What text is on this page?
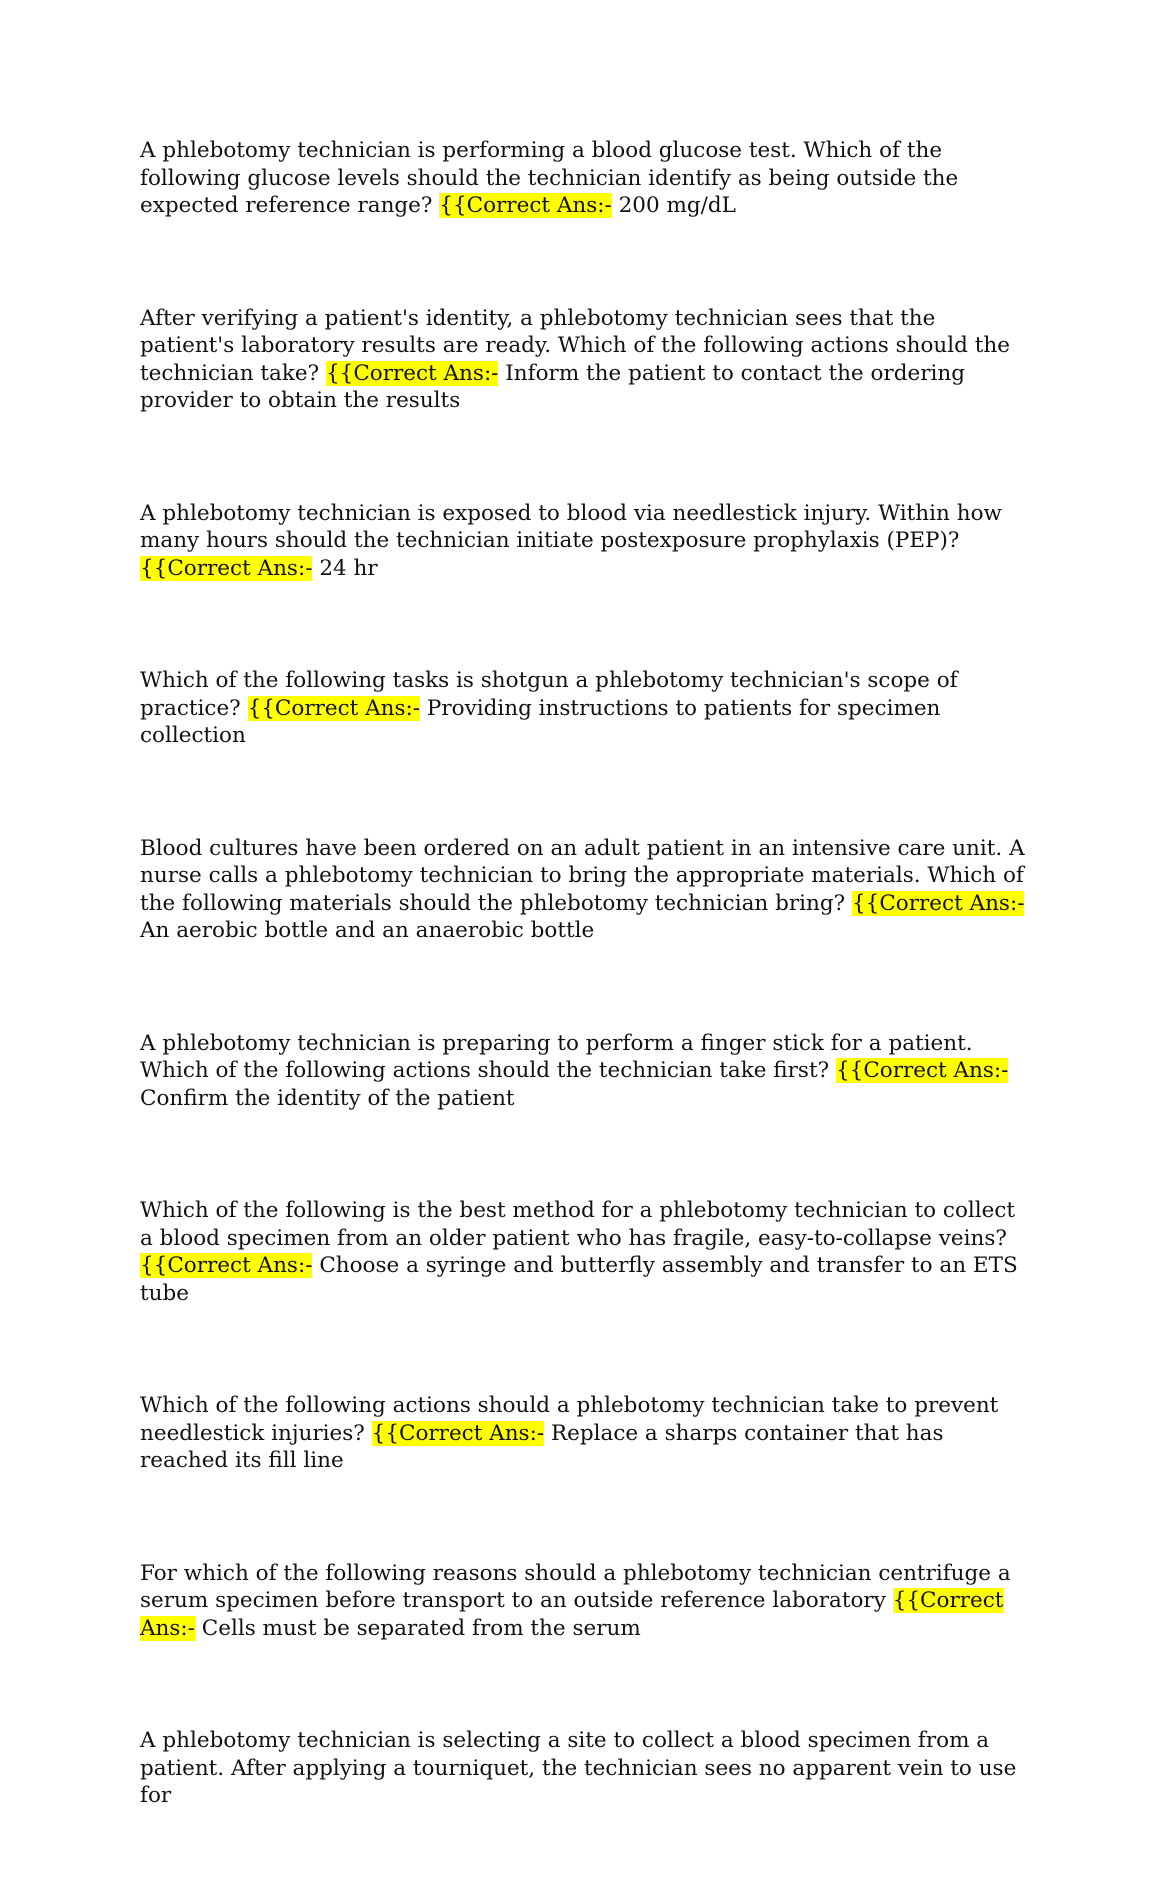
A phlebotomy technician is performing a blood glucose test. Which of the following glucose levels should the technician identify as being outside the expected reference range? {{Correct Ans:- 200 mg/dL

After verifying a patient's identity, a phlebotomy technician sees that the patient's laboratory results are ready. Which of the following actions should the technician take? {{Correct Ans:- Inform the patient to contact the ordering provider to obtain the results

A phlebotomy technician is exposed to blood via needlestick injury. Within how many hours should the technician initiate postexposure prophylaxis (PEP)? {{Correct Ans:- 24 hr

Which of the following tasks is shotgun a phlebotomy technician's scope of practice? {{Correct Ans:- Providing instructions to patients for specimen collection

Blood cultures have been ordered on an adult patient in an intensive care unit. A nurse calls a phlebotomy technician to bring the appropriate materials. Which of the following materials should the phlebotomy technician bring? {{Correct Ans:- An aerobic bottle and an anaerobic bottle

A phlebotomy technician is preparing to perform a finger stick for a patient. Which of the following actions should the technician take first? {{Correct Ans:- Confirm the identity of the patient

Which of the following is the best method for a phlebotomy technician to collect a blood specimen from an older patient who has fragile, easy-to-collapse veins? {{Correct Ans:- Choose a syringe and butterfly assembly and transfer to an ETS tube

Which of the following actions should a phlebotomy technician take to prevent needlestick injuries? {{Correct Ans:- Replace a sharps container that has reached its fill line

For which of the following reasons should a phlebotomy technician centrifuge a serum specimen before transport to an outside reference laboratory {{Correct Ans:- Cells must be separated from the serum

A phlebotomy technician is selecting a site to collect a blood specimen from a patient. After applying a tourniquet, the technician sees no apparent vein to use for
